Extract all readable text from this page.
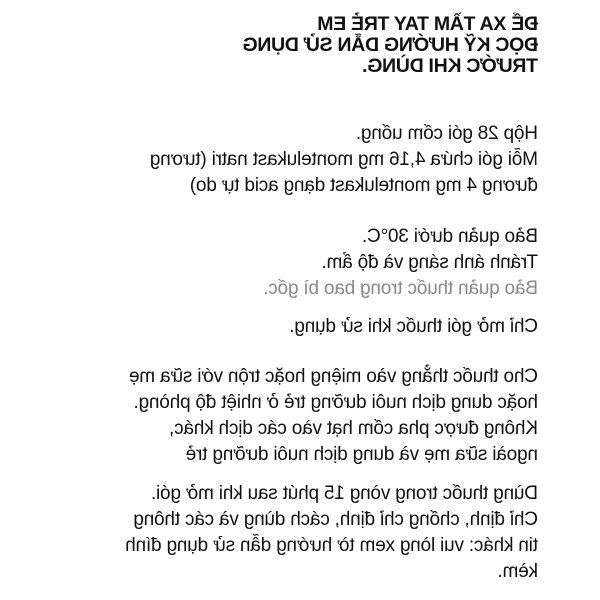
ĐỂ XA TẦM TAY TRẺ EM
ĐỌC KỸ HƯỚNG DẪN SỬ DỤNG
TRƯỚC KHI DÙNG.
Hộp 28 gói cốm uống.
Mỗi gói chứa 4,16 mg montelukast natri (tương
đương 4 mg montelukast dạng acid tự do)
Bảo quản dưới 30°C.
Tránh ánh sáng và độ ẩm.
Bảo quản thuốc trong bao bì gốc.
Chỉ mở gói thuốc khi sử dụng.
Cho thuốc thẳng vào miệng hoặc trộn với sữa mẹ
hoặc dung dịch nuôi dưỡng trẻ ở nhiệt độ phòng.
Không được pha cốm hạt vào các dịch khác,
ngoài sữa mẹ và dung dịch nuôi dưỡng trẻ
Dùng thuốc trong vòng 15 phút sau khi mở gói.
Chỉ định, chống chỉ định, cách dùng và các thông
tin khác: vui lòng xem tờ hướng dẫn sử dụng đính
kèm.
